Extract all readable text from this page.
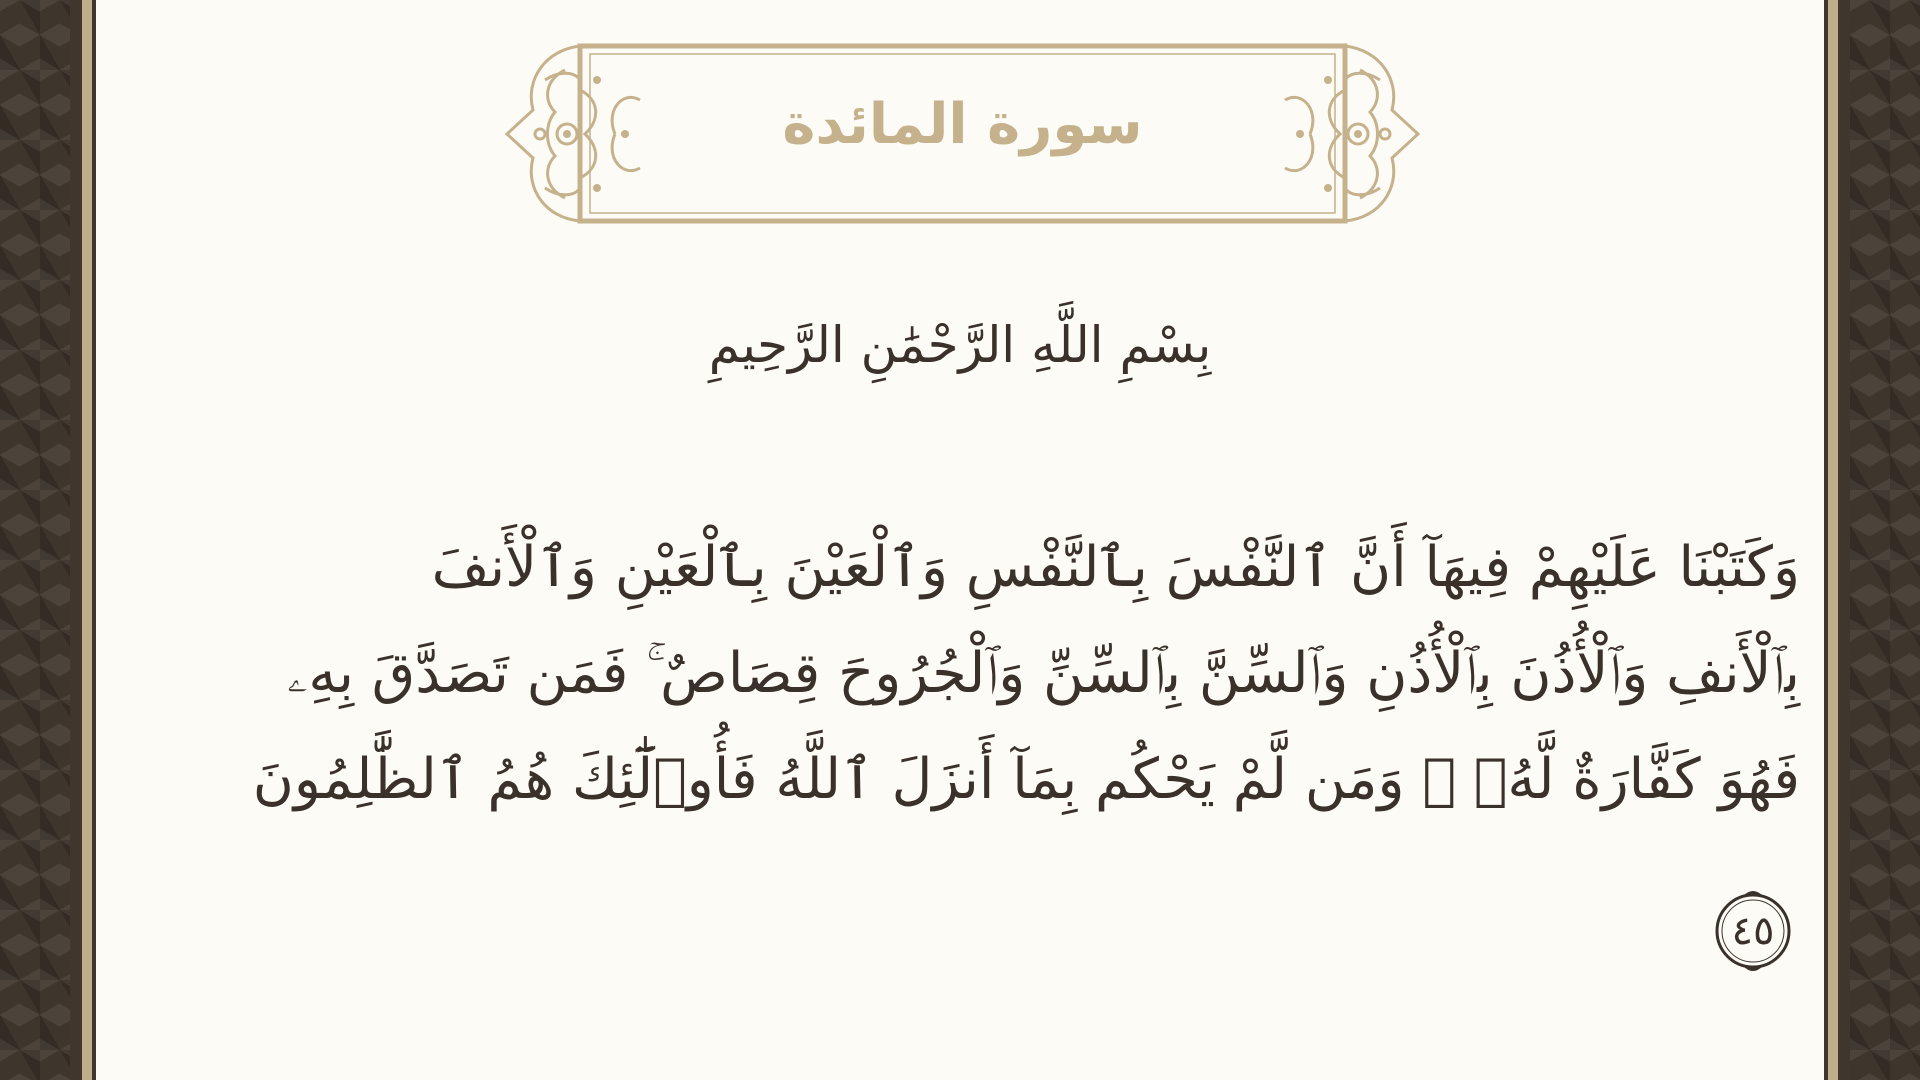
سورة المائدة
بِسْمِ اللَّهِ الرَّحْمَٰنِ الرَّحِيمِ
وَكَتَبْنَا عَلَيْهِمْ فِيهَآ أَنَّ ٱلنَّفْسَ بِٱلنَّفْسِ وَٱلْعَيْنَ بِٱلْعَيْنِ وَٱلْأَنفَ
بِٱلْأَنفِ وَٱلْأُذُنَ بِٱلْأُذُنِ وَٱلسِّنَّ بِٱلسِّنِّ وَٱلْجُرُوحَ قِصَاصٌ ۚ فَمَن تَصَدَّقَ بِهِۦ
فَهُوَ كَفَّارَةٌ لَّهُۥ ۚ وَمَن لَّمْ يَحْكُم بِمَآ أَنزَلَ ٱللَّهُ فَأُو۟لَٰٓئِكَ هُمُ ٱلظَّٰلِمُونَ
٤٥
